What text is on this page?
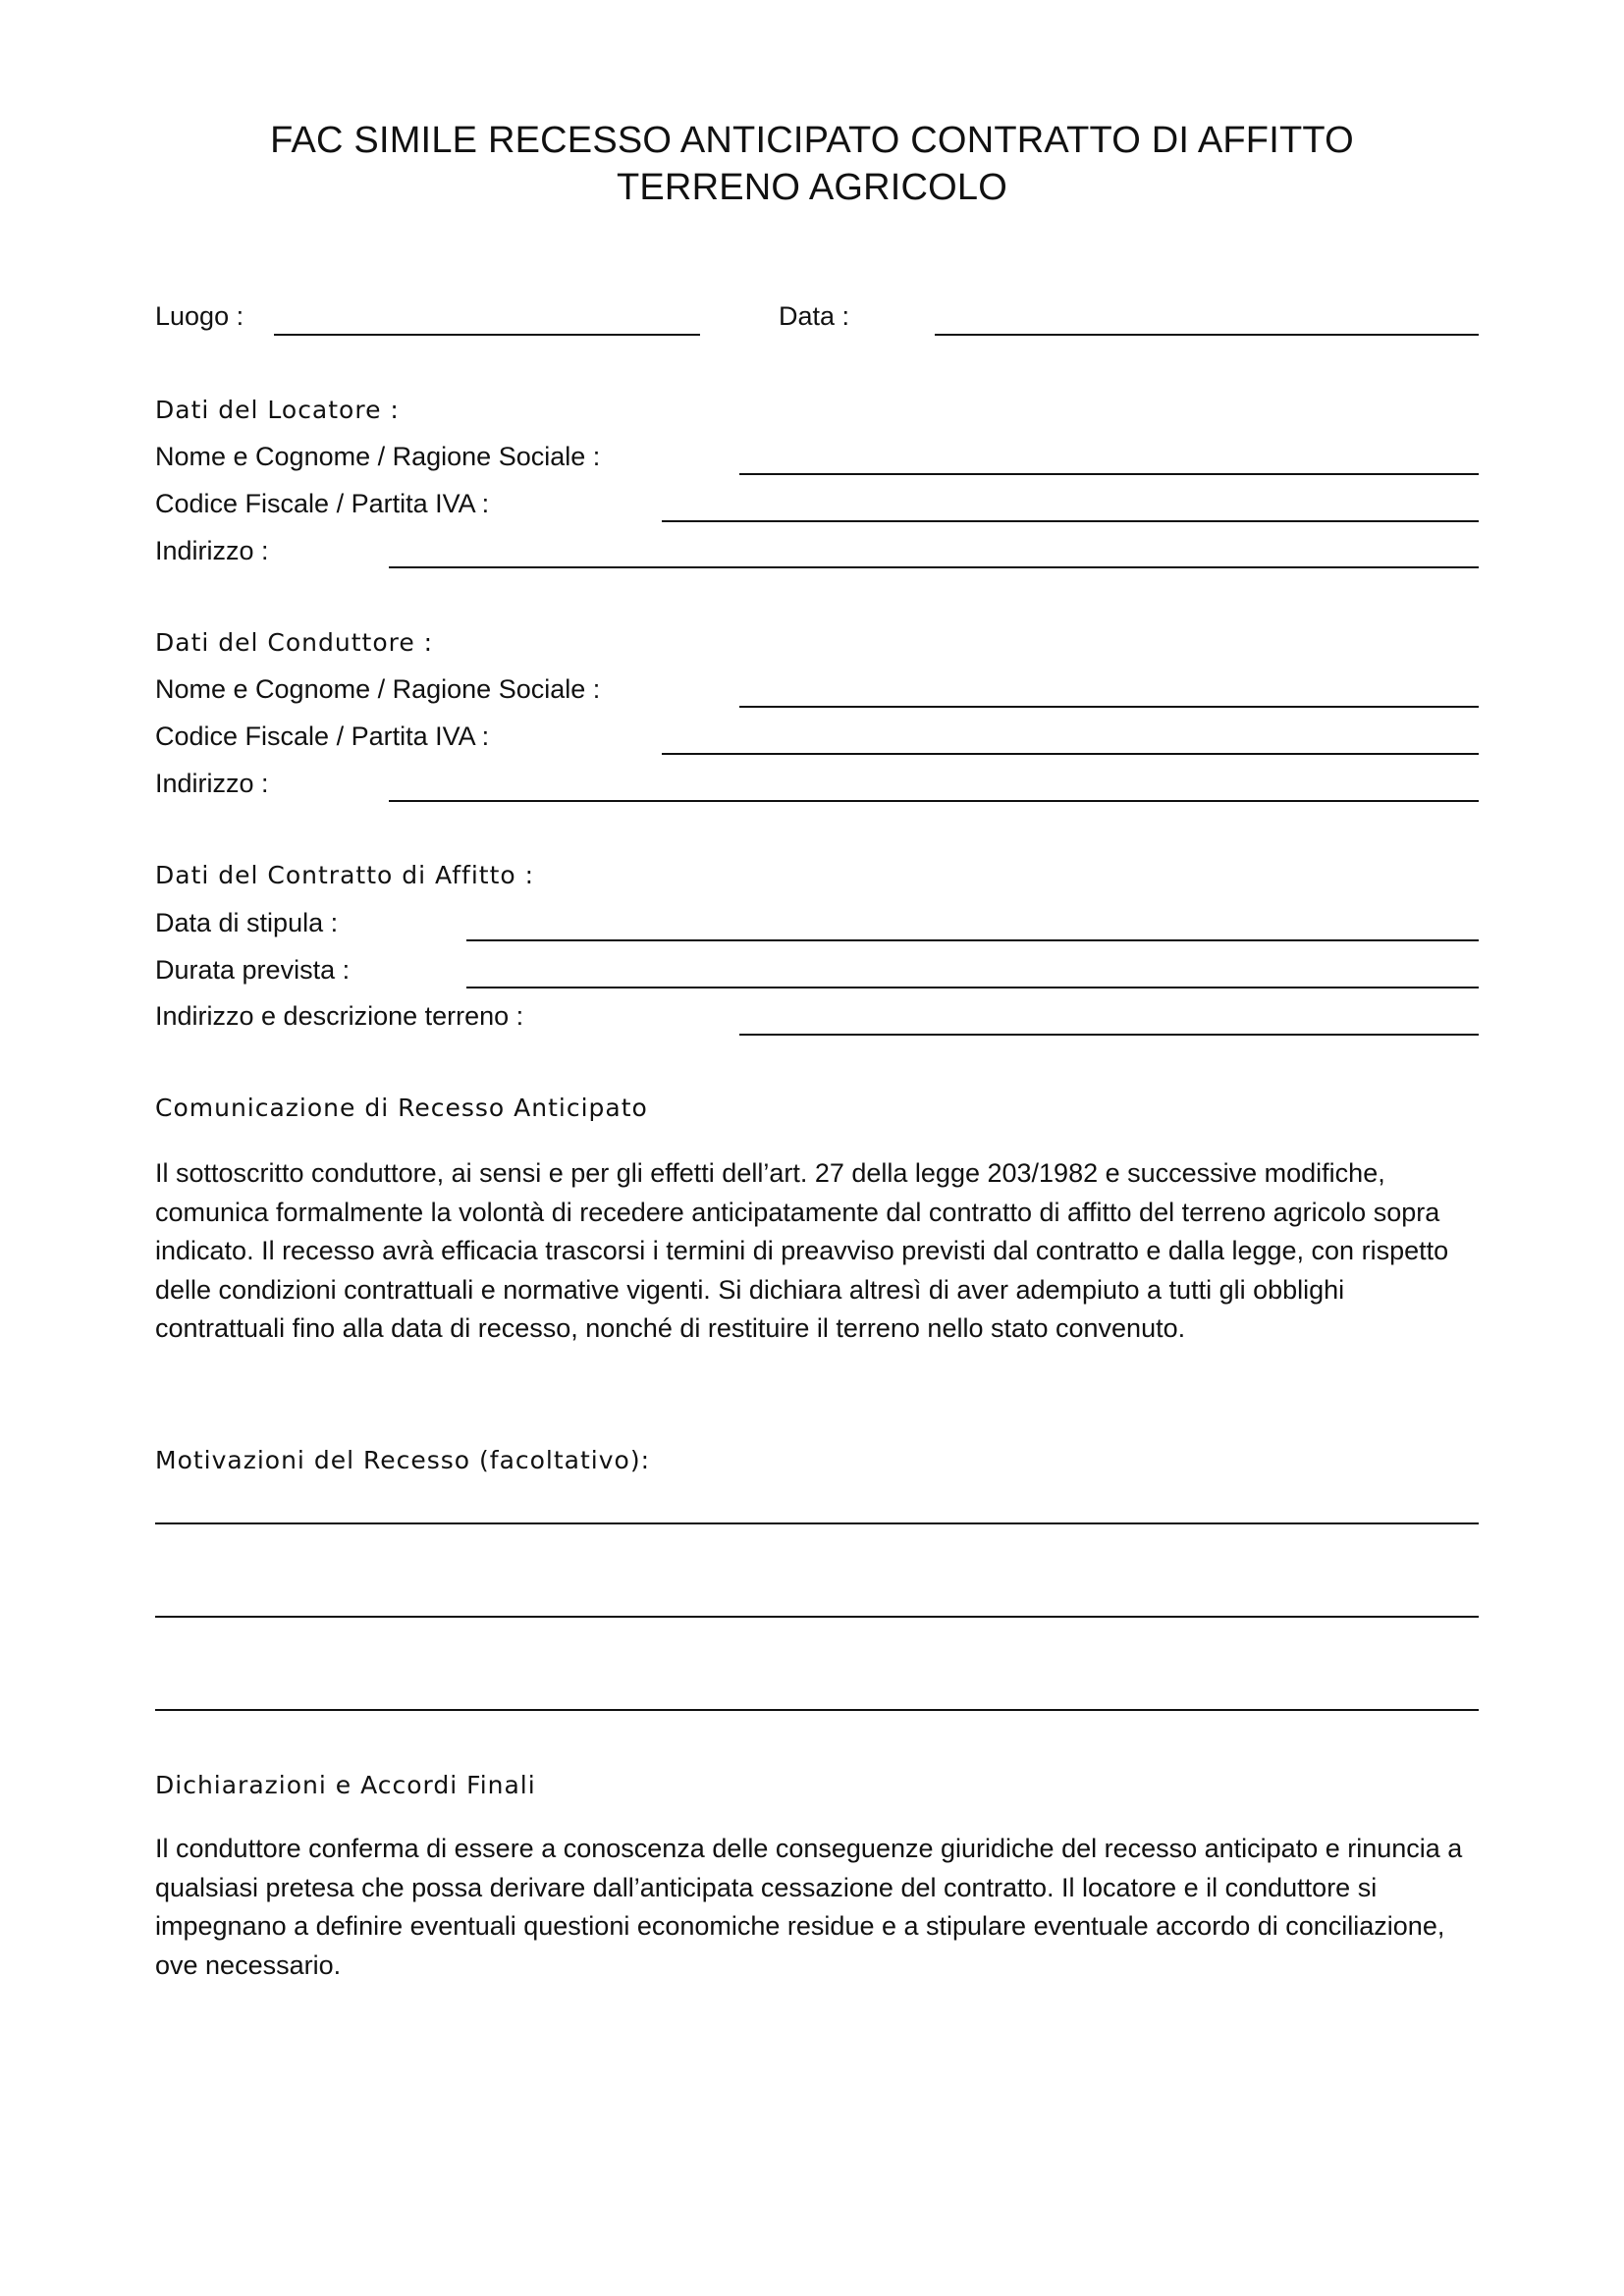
FAC SIMILE RECESSO ANTICIPATO CONTRATTO DI AFFITTO
TERRENO AGRICOLO
Luogo :	Data :
Dati del Locatore :
Nome e Cognome / Ragione Sociale :
Codice Fiscale / Partita IVA :
Indirizzo :
Dati del Conduttore :
Nome e Cognome / Ragione Sociale :
Codice Fiscale / Partita IVA :
Indirizzo :
Dati del Contratto di Affitto :
Data di stipula :
Durata prevista :
Indirizzo e descrizione terreno :
Comunicazione di Recesso Anticipato
Il sottoscritto conduttore, ai sensi e per gli effetti dell’art. 27 della legge 203/1982 e successive modifiche, comunica formalmente la volontà di recedere anticipatamente dal contratto di affitto del terreno agricolo sopra indicato. Il recesso avrà efficacia trascorsi i termini di preavviso previsti dal contratto e dalla legge, con rispetto delle condizioni contrattuali e normative vigenti. Si dichiara altresì di aver adempiuto a tutti gli obblighi contrattuali fino alla data di recesso, nonché di restituire il terreno nello stato convenuto.
Motivazioni del Recesso (facoltativo):
Dichiarazioni e Accordi Finali
Il conduttore conferma di essere a conoscenza delle conseguenze giuridiche del recesso anticipato e rinuncia a qualsiasi pretesa che possa derivare dall’anticipata cessazione del contratto. Il locatore e il conduttore si impegnano a definire eventuali questioni economiche residue e a stipulare eventuale accordo di conciliazione, ove necessario.
